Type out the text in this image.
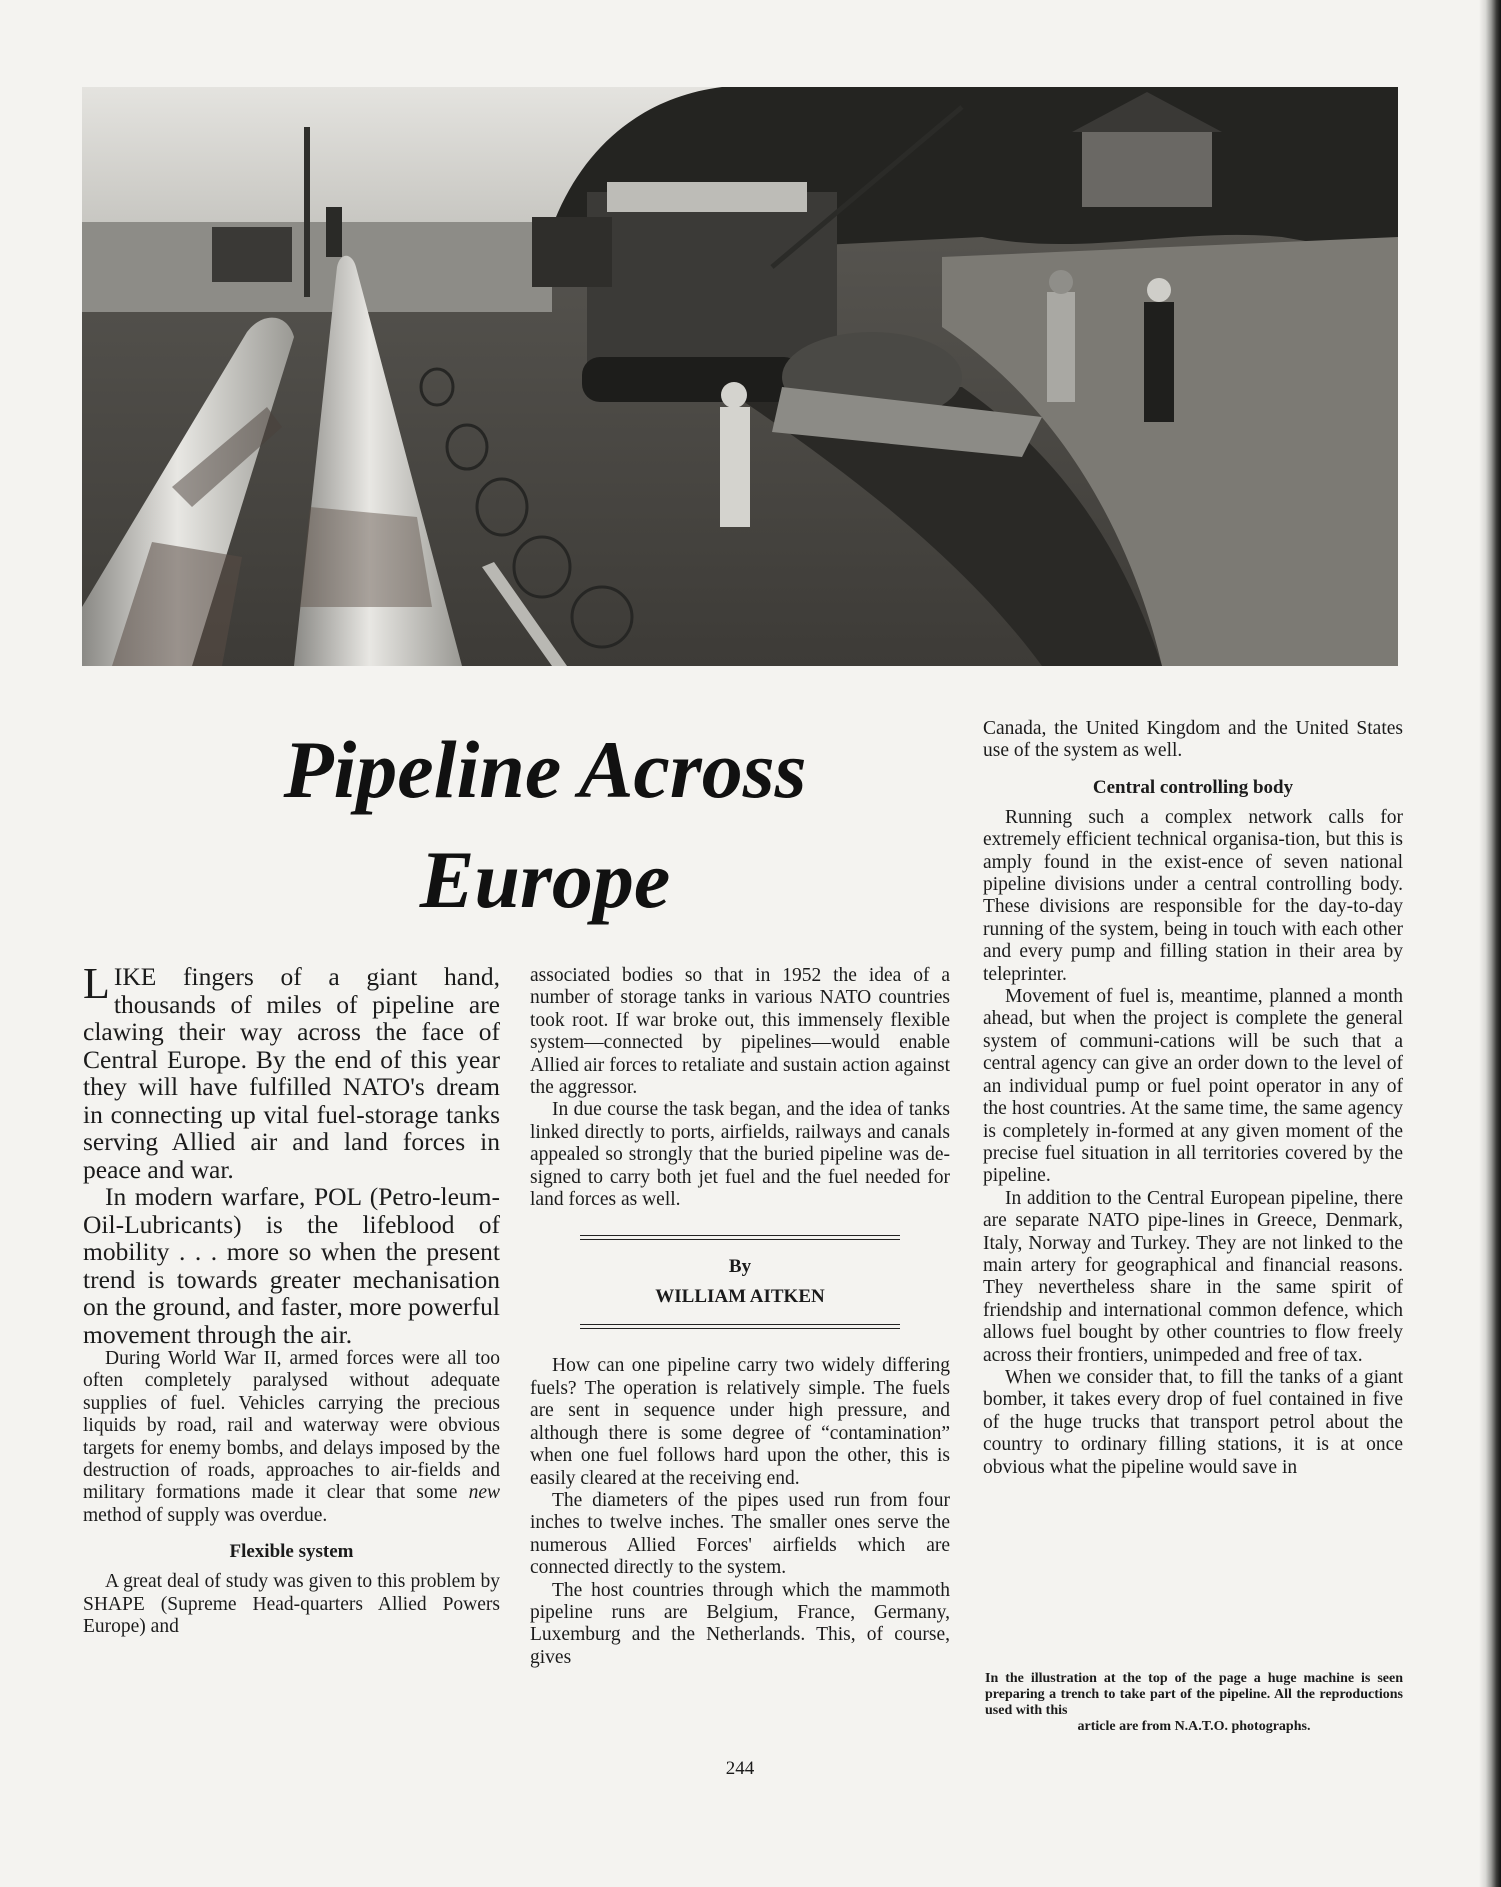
Pipeline Across
Europe

LIKE fingers of a giant hand, thousands of miles of pipeline are clawing their way across the face of Central Europe. By the end of this year they will have fulfilled NATO's dream in connecting up vital fuel-storage tanks serving Allied air and land forces in peace and war.

In modern warfare, POL (Petro-leum-Oil-Lubricants) is the lifeblood of mobility . . . more so when the present trend is towards greater mechanisation on the ground, and faster, more powerful movement through the air.

During World War II, armed forces were all too often completely paralysed without adequate supplies of fuel. Vehicles carrying the precious liquids by road, rail and waterway were obvious targets for enemy bombs, and delays imposed by the destruction of roads, approaches to air-fields and military formations made it clear that some new method of supply was overdue.

Flexible system

A great deal of study was given to this problem by SHAPE (Supreme Head-quarters Allied Powers Europe) and

associated bodies so that in 1952 the idea of a number of storage tanks in various NATO countries took root. If war broke out, this immensely flexible system—connected by pipelines—would enable Allied air forces to retaliate and sustain action against the aggressor.

In due course the task began, and the idea of tanks linked directly to ports, airfields, railways and canals appealed so strongly that the buried pipeline was de-signed to carry both jet fuel and the fuel needed for land forces as well.

By
WILLIAM AITKEN

How can one pipeline carry two widely differing fuels? The operation is relatively simple. The fuels are sent in sequence under high pressure, and although there is some degree of “contamination” when one fuel follows hard upon the other, this is easily cleared at the receiving end.

The diameters of the pipes used run from four inches to twelve inches. The smaller ones serve the numerous Allied Forces' airfields which are connected directly to the system.

The host countries through which the mammoth pipeline runs are Belgium, France, Germany, Luxemburg and the Netherlands. This, of course, gives

Canada, the United Kingdom and the United States use of the system as well.

Central controlling body

Running such a complex network calls for extremely efficient technical organisa-tion, but this is amply found in the exist-ence of seven national pipeline divisions under a central controlling body. These divisions are responsible for the day-to-day running of the system, being in touch with each other and every pump and filling station in their area by teleprinter.

Movement of fuel is, meantime, planned a month ahead, but when the project is complete the general system of communi-cations will be such that a central agency can give an order down to the level of an individual pump or fuel point operator in any of the host countries. At the same time, the same agency is completely in-formed at any given moment of the precise fuel situation in all territories covered by the pipeline.

In addition to the Central European pipeline, there are separate NATO pipe-lines in Greece, Denmark, Italy, Norway and Turkey. They are not linked to the main artery for geographical and financial reasons. They nevertheless share in the same spirit of friendship and international common defence, which allows fuel bought by other countries to flow freely across their frontiers, unimpeded and free of tax.

When we consider that, to fill the tanks of a giant bomber, it takes every drop of fuel contained in five of the huge trucks that transport petrol about the country to ordinary filling stations, it is at once obvious what the pipeline would save in

In the illustration at the top of the page a huge machine is seen preparing a trench to take part of the pipeline. All the reproductions used with this
article are from N.A.T.O. photographs.
244
